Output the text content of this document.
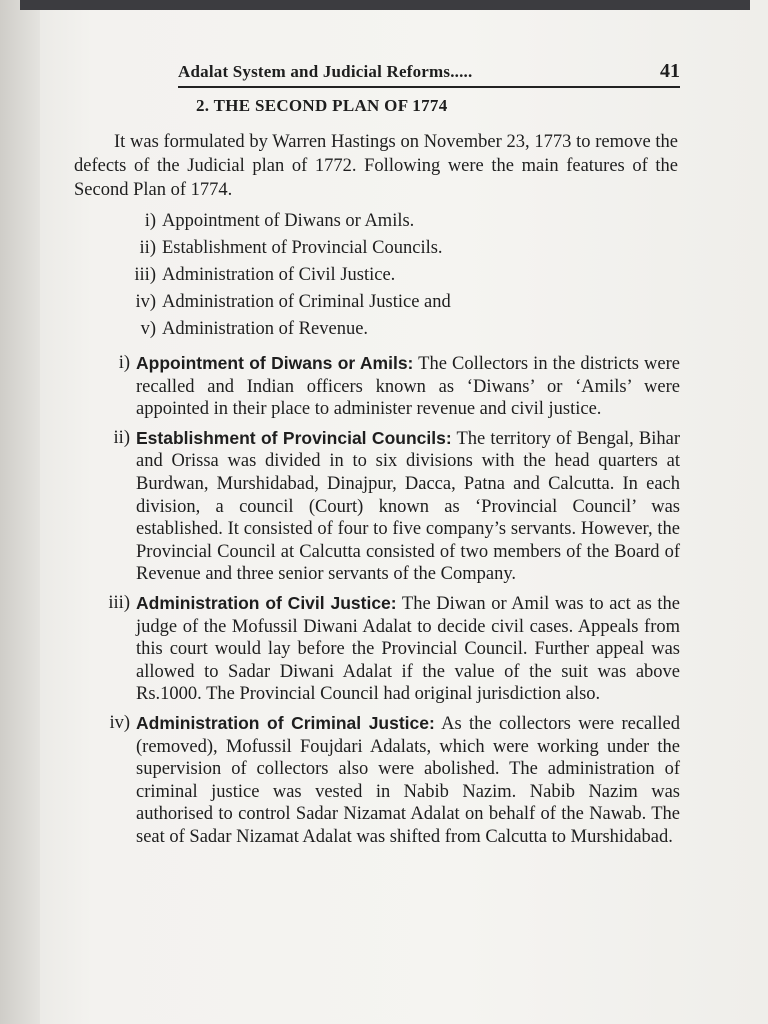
Adalat System and Judicial Reforms.....	41
2. THE SECOND PLAN OF 1774

It was formulated by Warren Hastings on November 23, 1773 to remove the defects of the Judicial plan of 1772. Following were the main features of the Second Plan of 1774.

i) Appointment of Diwans or Amils.
ii) Establishment of Provincial Councils.
iii) Administration of Civil Justice.
iv) Administration of Criminal Justice and
v) Administration of Revenue.
i) Appointment of Diwans or Amils: The Collectors in the districts were recalled and Indian officers known as ‘Diwans’ or ‘Amils’ were appointed in their place to administer revenue and civil justice.
ii) Establishment of Provincial Councils: The territory of Bengal, Bihar and Orissa was divided in to six divisions with the head quarters at Burdwan, Murshidabad, Dinajpur, Dacca, Patna and Calcutta. In each division, a council (Court) known as ‘Provincial Council’ was established. It consisted of four to five company’s servants. However, the Provincial Council at Calcutta consisted of two members of the Board of Revenue and three senior servants of the Company.
iii) Administration of Civil Justice: The Diwan or Amil was to act as the judge of the Mofussil Diwani Adalat to decide civil cases. Appeals from this court would lay before the Provincial Council. Further appeal was allowed to Sadar Diwani Adalat if the value of the suit was above Rs.1000. The Provincial Council had original jurisdiction also.
iv) Administration of Criminal Justice: As the collectors were recalled (removed), Mofussil Foujdari Adalats, which were working under the supervision of collectors also were abolished. The administration of criminal justice was vested in Nabib Nazim. Nabib Nazim was authorised to control Sadar Nizamat Adalat on behalf of the Nawab. The seat of Sadar Nizamat Adalat was shifted from Calcutta to Murshidabad.
